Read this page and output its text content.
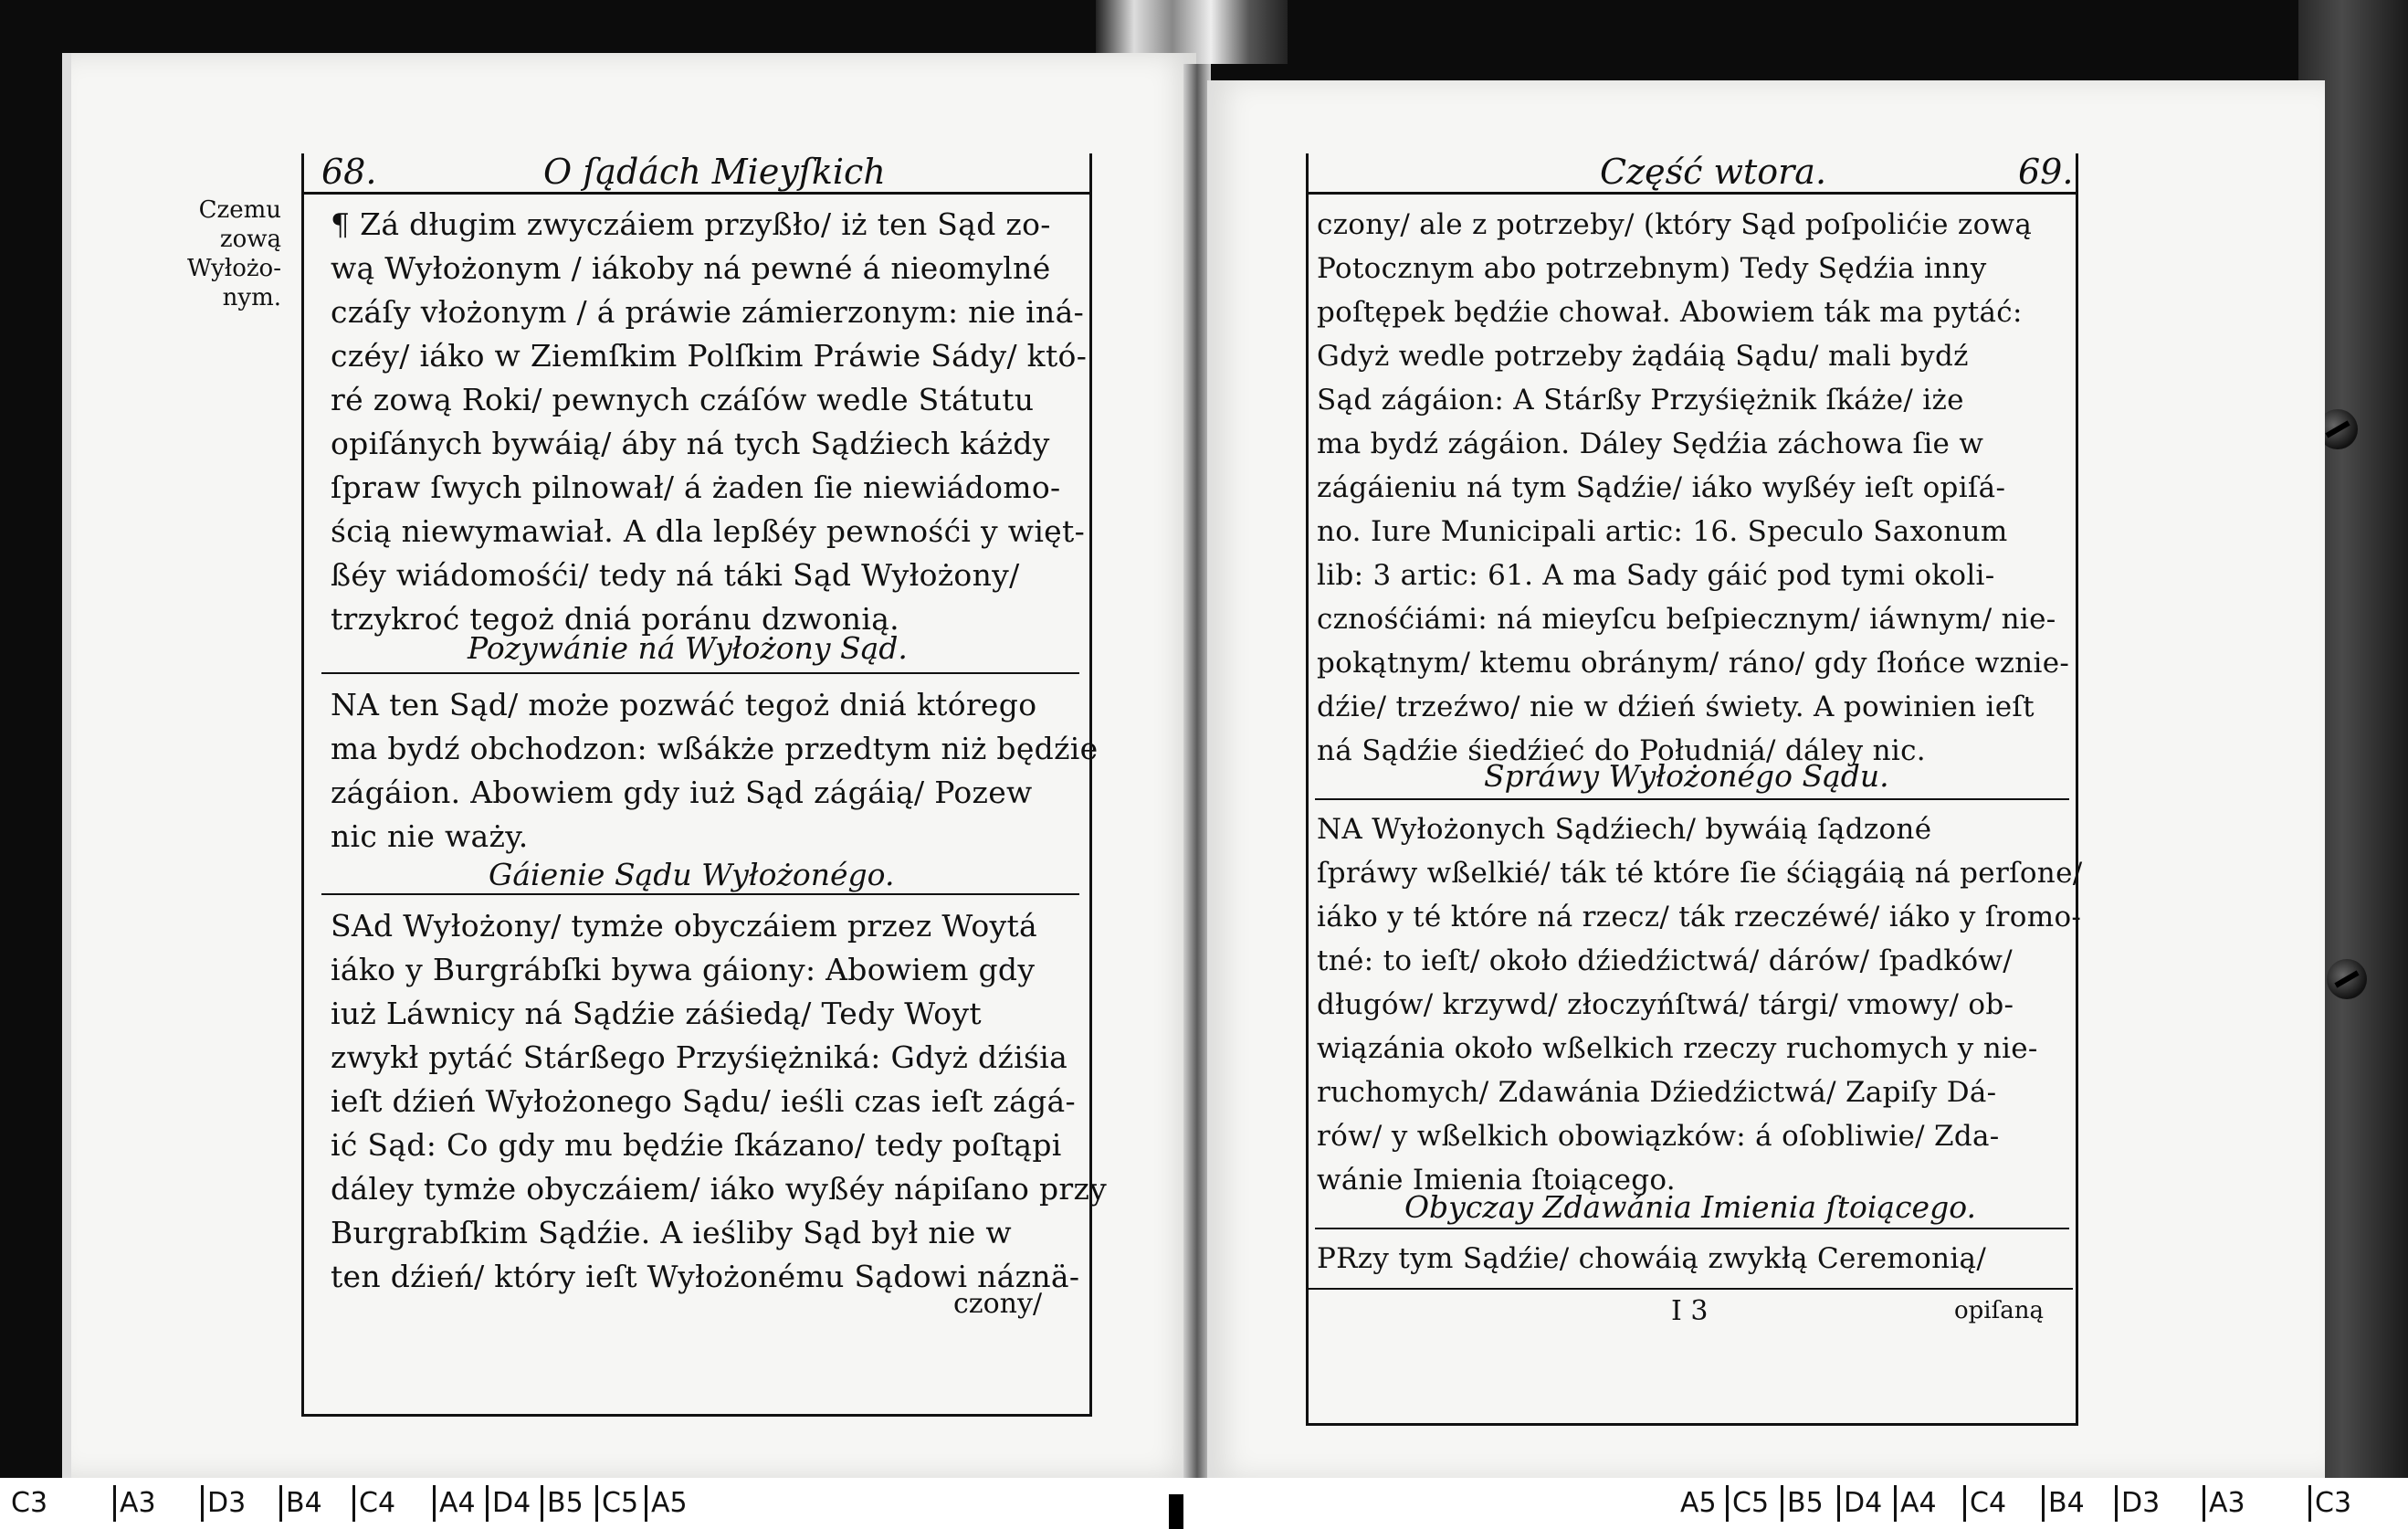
68.	O ſądách Mieyſkich
Czemu
zową
Wyłożo-
nym.
¶ Zá długim zwyczáiem przyßło/ iż ten Sąd zo-
wą Wyłożonym / iákoby ná pewné á nieomylné
czáſy vłożonym / á práwie zámierzonym: nie iná-
czéy/ iáko w Ziemſkim Polſkim Práwie Sády/ któ-
ré zową Roki/ pewnych czáſów wedle Státutu
opiſánych bywáią/ áby ná tych Sądźiech káżdy
ſpraw ſwych pilnował/ á żaden ſie niewiádomo-
ścią niewymawiał. A dla lepßéy pewnośći y więt-
ßéy wiádomośći/ tedy ná táki Sąd Wyłożony/
trzykroć tegoż dniá poránu dzwonią.
Pozywánie ná Wyłożony Sąd.
NA ten Sąd/ może pozwáć tegoż dniá którego
ma bydź obchodzon: wßákże przedtym niż będźie
zágáion. Abowiem gdy iuż Sąd zágáią/ Pozew
nic nie waży.
Gáienie Sądu Wyłożonégo.
SAd Wyłożony/ tymże obyczáiem przez Woytá
iáko y Burgrábſki bywa gáiony: Abowiem gdy
iuż Láwnicy ná Sądźie záśiedą/ Tedy Woyt
zwykł pytáć Stárßego Przyśiężniká: Gdyż dźiśia
ieſt dźień Wyłożonego Sądu/ ieśli czas ieſt zágá-
ić Sąd: Co gdy mu będźie ſkázano/ tedy poſtąpi
dáley tymże obyczáiem/ iáko wyßéy nápiſano przy
Burgrabſkim Sądźie. A ieśliby Sąd był nie w
ten dźień/ który ieſt Wyłożonému Sądowi náznä-
czony/
Część wtora.	69.
czony/ ale z potrzeby/ (który Sąd poſpolićie zową
Potocznym abo potrzebnym) Tedy Sędźia inny
poſtępek będźie chował. Abowiem ták ma pytáć:
Gdyż wedle potrzeby żądáią Sądu/ mali bydź
Sąd zágáion: A Stárßy Przyśiężnik ſkáże/ iże
ma bydź zágáion. Dáley Sędźia záchowa ſie w
zágáieniu ná tym Sądźie/ iáko wyßéy ieſt opiſá-
no. Iure Municipali artic: 16. Speculo Saxonum
lib: 3 artic: 61. A ma Sady gáić pod tymi okoli-
cznośćiámi: ná mieyſcu beſpiecznym/ iáwnym/ nie-
pokątnym/ ktemu obránym/ ráno/ gdy ſłońce wznie-
dźie/ trzeźwo/ nie w dźień świety. A powinien ieſt
ná Sądźie śiedźieć do Południá/ dáley nic.
Spráwy Wyłożonégo Sądu.
NA Wyłożonych Sądźiech/ bywáią ſądzoné
ſpráwy wßelkié/ ták té które ſie śćiągáią ná perſone/
iáko y té które ná rzecz/ ták rzeczéwé/ iáko y ſromo-
tné: to ieſt/ około dźiedźictwá/ dárów/ ſpadków/
długów/ krzywd/ złoczyńſtwá/ tárgi/ vmowy/ ob-
wiązánia około wßelkich rzeczy ruchomych y nie-
ruchomych/ Zdawánia Dźiedźictwá/ Zapiſy Dá-
rów/ y wßelkich obowiązków: á oſobliwie/ Zda-
wánie Imienia ſtoiącego.
Obyczay Zdawánia Imienia ſtoiącego.
PRzy tym Sądźie/ chowáią zwykłą Ceremonią/
I 3	opiſaną
C3	A3 D3 B4 C4 A4 D4 B5 C5 A5	A5 C5 B5 D4 A4 C4 B4 D3 A3	C3
